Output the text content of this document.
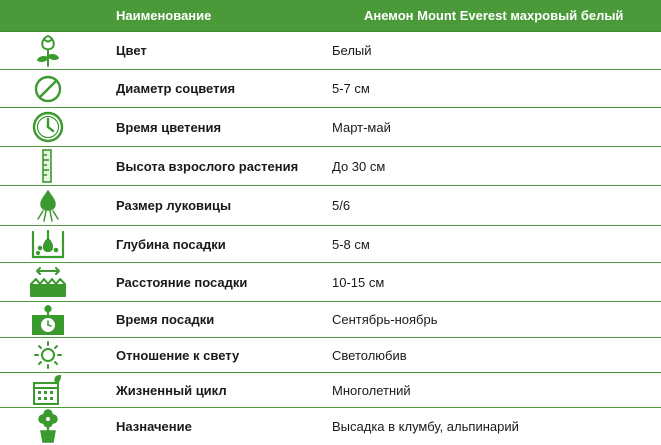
Наименование	Анемон Mount Everest махровый белый
Цвет	Белый
Диаметр соцветия	5-7 см
Время цветения	Март-май
Высота взрослого растения	До 30 см
Размер луковицы	5/6
Глубина посадки	5-8 см
Расстояние посадки	10-15 см
Время посадки	Сентябрь-ноябрь
Отношение к свету	Светолюбив
Жизненный цикл	Многолетний
Назначение	Высадка в клумбу, альпинарий
